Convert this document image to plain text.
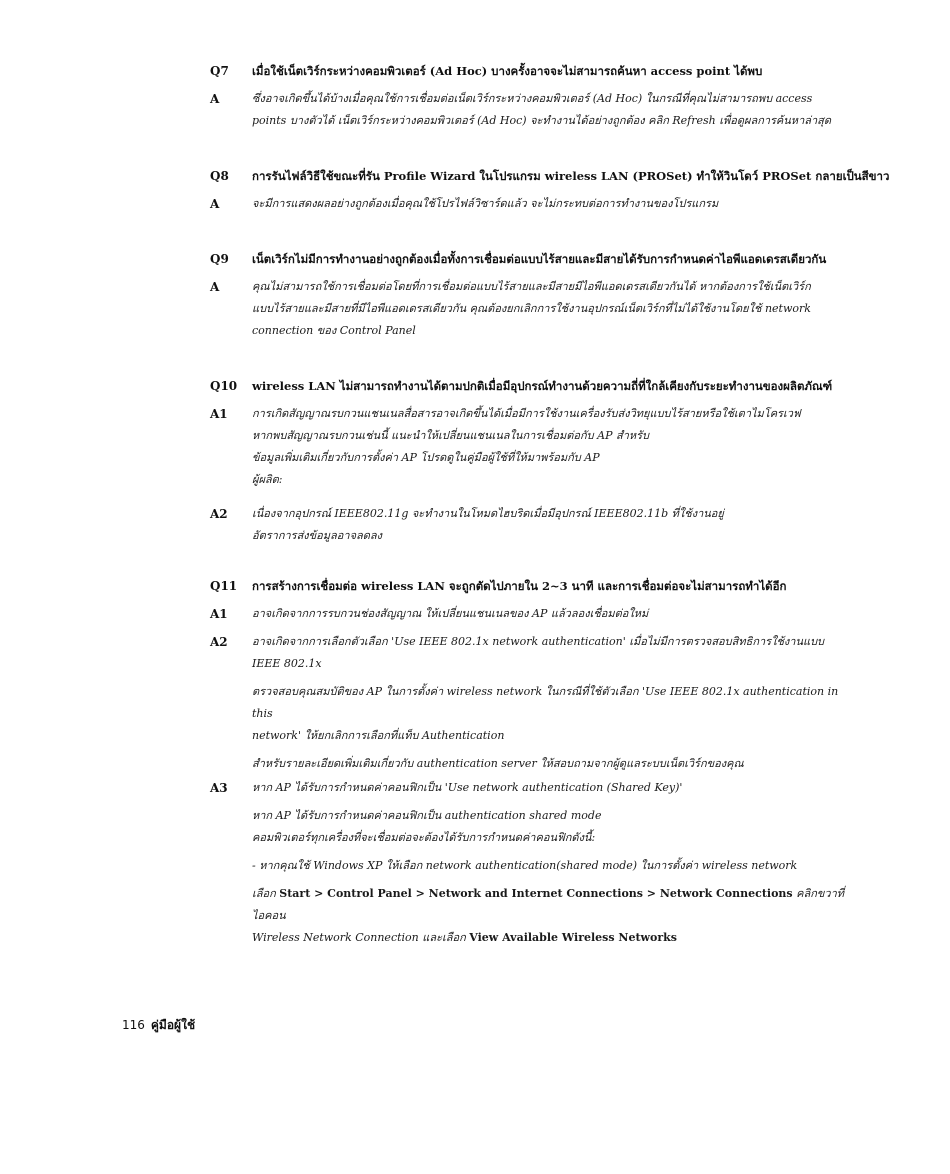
Q7	เมื่อใช้เน็ตเวิร์กระหว่างคอมพิวเตอร์ (Ad Hoc) บางครั้งอาจจะไม่สามารถค้นหา access point ได้พบ
A	ซึ่งอาจเกิดขึ้นได้บ้างเมื่อคุณใช้การเชื่อมต่อเน็ตเวิร์กระหว่างคอมพิวเตอร์ (Ad Hoc) ในกรณีที่คุณไม่สามารถพบ access
points บางตัวได้ เน็ตเวิร์กระหว่างคอมพิวเตอร์ (Ad Hoc) จะทำงานได้อย่างถูกต้อง คลิก Refresh เพื่อดูผลการค้นหาล่าสุด
Q8	การรันไฟล์วิธีใช้ขณะที่รัน Profile Wizard ในโปรแกรม wireless LAN (PROSet) ทำให้วินโดว์ PROSet กลายเป็นสีขาว
A	จะมีการแสดงผลอย่างถูกต้องเมื่อคุณใช้โปรไฟล์วิซาร์ดแล้ว จะไม่กระทบต่อการทำงานของโปรแกรม
Q9	เน็ตเวิร์กไม่มีการทำงานอย่างถูกต้องเมื่อทั้งการเชื่อมต่อแบบไร้สายและมีสายได้รับการกำหนดค่าไอพีแอดเดรสเดียวกัน
A	คุณไม่สามารถใช้การเชื่อมต่อโดยที่การเชื่อมต่อแบบไร้สายและมีสายมีไอพีแอดเดรสเดียวกันได้ หากต้องการใช้เน็ตเวิร์ก
แบบไร้สายและมีสายที่มีไอพีแอดเดรสเดียวกัน คุณต้องยกเลิกการใช้งานอุปกรณ์เน็ตเวิร์กที่ไม่ได้ใช้งานโดยใช้ network
connection ของ Control Panel
Q10	wireless LAN ไม่สามารถทำงานได้ตามปกติเมื่อมีอุปกรณ์ทำงานด้วยความถี่ที่ใกล้เคียงกับระยะทำงานของผลิตภัณฑ์
A1	การเกิดสัญญาณรบกวนแชนเนลสื่อสารอาจเกิดขึ้นได้เมื่อมีการใช้งานเครื่องรับส่งวิทยุแบบไร้สายหรือใช้เตาไมโครเวฟ
หากพบสัญญาณรบกวนเช่นนี้ แนะนำให้เปลี่ยนแชนเนลในการเชื่อมต่อกับ AP สำหรับ
ข้อมูลเพิ่มเติมเกี่ยวกับการตั้งค่า AP โปรดดูในคู่มือผู้ใช้ที่ให้มาพร้อมกับ AP
ผู้ผลิต:
A2	เนื่องจากอุปกรณ์ IEEE802.11g จะทำงานในโหมดไฮบริดเมื่อมีอุปกรณ์ IEEE802.11b ที่ใช้งานอยู่
อัตราการส่งข้อมูลอาจลดลง
Q11	การสร้างการเชื่อมต่อ wireless LAN จะถูกตัดไปภายใน 2~3 นาที และการเชื่อมต่อจะไม่สามารถทำได้อีก
A1	อาจเกิดจากการรบกวนช่องสัญญาณ ให้เปลี่ยนแชนเนลของ AP แล้วลองเชื่อมต่อใหม่
A2	อาจเกิดจากการเลือกตัวเลือก 'Use IEEE 802.1x network authentication' เมื่อไม่มีการตรวจสอบสิทธิการใช้งานแบบ
IEEE 802.1x
ตรวจสอบคุณสมบัติของ AP ในการตั้งค่า wireless network ในกรณีที่ใช้ตัวเลือก 'Use IEEE 802.1x authentication in this
network' ให้ยกเลิกการเลือกที่แท็บ Authentication
สำหรับรายละเอียดเพิ่มเติมเกี่ยวกับ authentication server ให้สอบถามจากผู้ดูแลระบบเน็ตเวิร์กของคุณ
A3	หาก AP ได้รับการกำหนดค่าคอนฟิกเป็น 'Use network authentication (Shared Key)'
หาก AP ได้รับการกำหนดค่าคอนฟิกเป็น authentication shared mode
คอมพิวเตอร์ทุกเครื่องที่จะเชื่อมต่อจะต้องได้รับการกำหนดค่าคอนฟิกดังนี้:
- หากคุณใช้ Windows XP ให้เลือก network authentication(shared mode) ในการตั้งค่า wireless network
เลือก Start > Control Panel > Network and Internet Connections > Network Connections คลิกขวาที่ไอคอน
Wireless Network Connection และเลือก View Available Wireless Networks
116 คู่มือผู้ใช้
